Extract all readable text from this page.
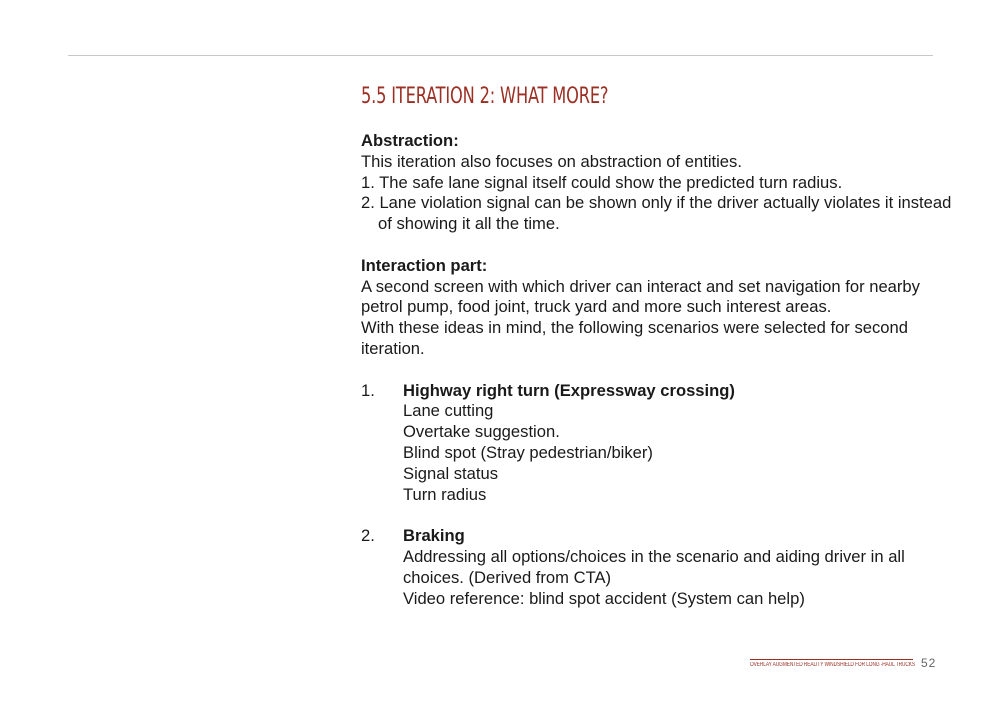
5.5 ITERATION 2: WHAT MORE?
Abstraction:
This iteration also focuses on abstraction of entities.
1. The safe lane signal itself could show the predicted turn radius.
2. Lane violation signal can be shown only if the driver actually violates it instead
of showing it all the time.
Interaction part:
A second screen with which driver can interact and set navigation for nearby
petrol pump, food joint, truck yard and more such interest areas.
With these ideas in mind, the following scenarios were selected for second
iteration.
1. Highway right turn (Expressway crossing)
Lane cutting
Overtake suggestion.
Blind spot (Stray pedestrian/biker)
Signal status
Turn radius
2. Braking
Addressing all options/choices in the scenario and aiding driver in all
choices. (Derived from CTA)
Video reference: blind spot accident (System can help)
OVERLAY AUGMENTED REALITY WINDSHIELD FOR LONG -HAUL TRUCKS 52
